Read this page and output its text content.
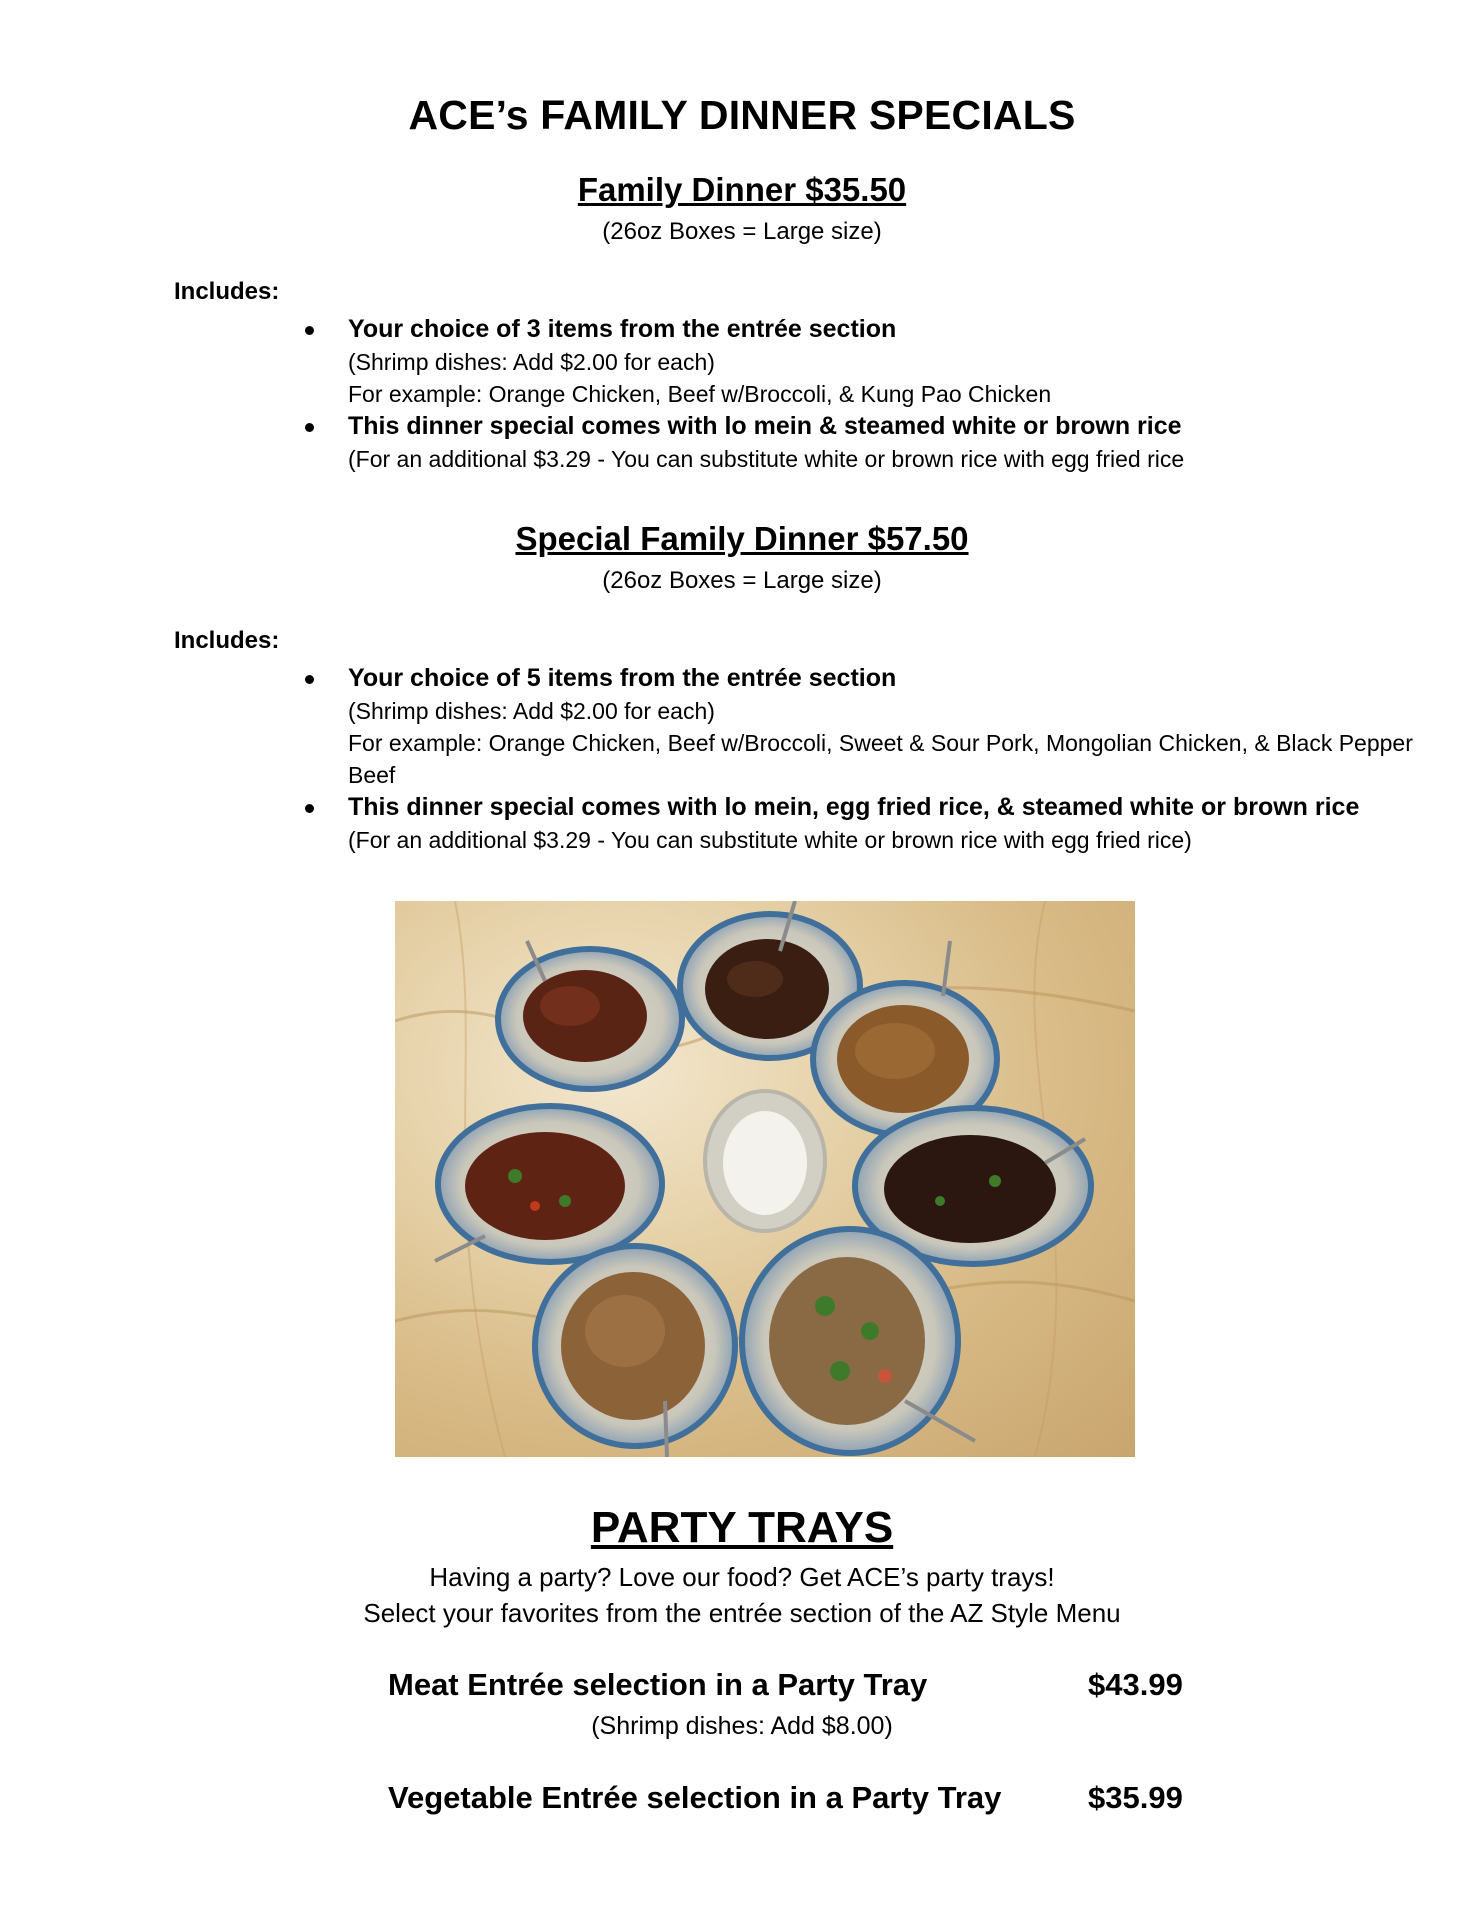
ACE’s FAMILY DINNER SPECIALS
Family Dinner $35.50
(26oz Boxes = Large size)
Includes:
Your choice of 3 items from the entrée section
(Shrimp dishes: Add $2.00 for each)
For example: Orange Chicken, Beef w/Broccoli, & Kung Pao Chicken
This dinner special comes with lo mein & steamed white or brown rice
(For an additional $3.29 - You can substitute white or brown rice with egg fried rice
Special Family Dinner $57.50
(26oz Boxes = Large size)
Includes:
Your choice of 5 items from the entrée section
(Shrimp dishes: Add $2.00 for each)
For example: Orange Chicken, Beef w/Broccoli, Sweet & Sour Pork, Mongolian Chicken, & Black Pepper Beef
This dinner special comes with lo mein, egg fried rice, & steamed white or brown rice
(For an additional $3.29 - You can substitute white or brown rice with egg fried rice)
PARTY TRAYS
Having a party? Love our food? Get ACE’s party trays!
Select your favorites from the entrée section of the AZ Style Menu
Meat Entrée selection in a Party Tray	$43.99
(Shrimp dishes: Add $8.00)
Vegetable Entrée selection in a Party Tray	$35.99
